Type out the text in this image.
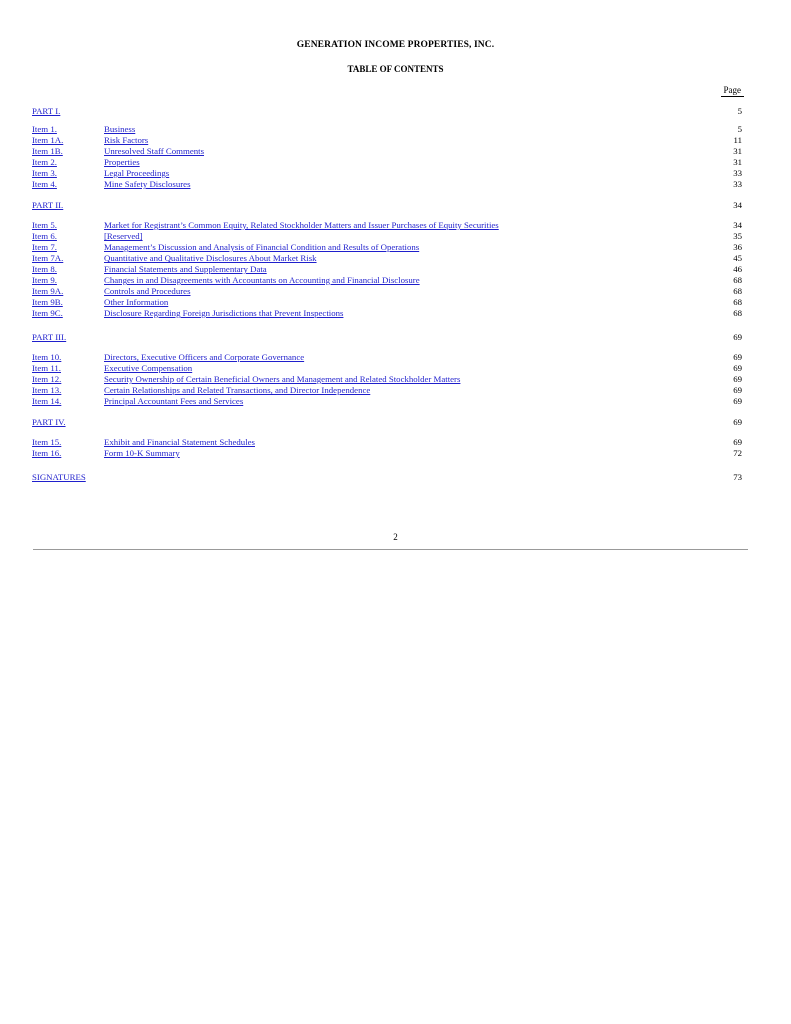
GENERATION INCOME PROPERTIES, INC.
TABLE OF CONTENTS
Page
PART I.	5
Item 1.	Business	5
Item 1A.	Risk Factors	11
Item 1B.	Unresolved Staff Comments	31
Item 2.	Properties	31
Item 3.	Legal Proceedings	33
Item 4.	Mine Safety Disclosures	33
PART II.	34
Item 5.	Market for Registrant’s Common Equity, Related Stockholder Matters and Issuer Purchases of Equity Securities	34
Item 6.	[Reserved]	35
Item 7.	Management’s Discussion and Analysis of Financial Condition and Results of Operations	36
Item 7A.	Quantitative and Qualitative Disclosures About Market Risk	45
Item 8.	Financial Statements and Supplementary Data	46
Item 9.	Changes in and Disagreements with Accountants on Accounting and Financial Disclosure	68
Item 9A.	Controls and Procedures	68
Item 9B.	Other Information	68
Item 9C.	Disclosure Regarding Foreign Jurisdictions that Prevent Inspections	68
PART III.	69
Item 10.	Directors, Executive Officers and Corporate Governance	69
Item 11.	Executive Compensation	69
Item 12.	Security Ownership of Certain Beneficial Owners and Management and Related Stockholder Matters	69
Item 13.	Certain Relationships and Related Transactions, and Director Independence	69
Item 14.	Principal Accountant Fees and Services	69
PART IV.	69
Item 15.	Exhibit and Financial Statement Schedules	69
Item 16.	Form 10-K Summary	72
SIGNATURES	73
2
